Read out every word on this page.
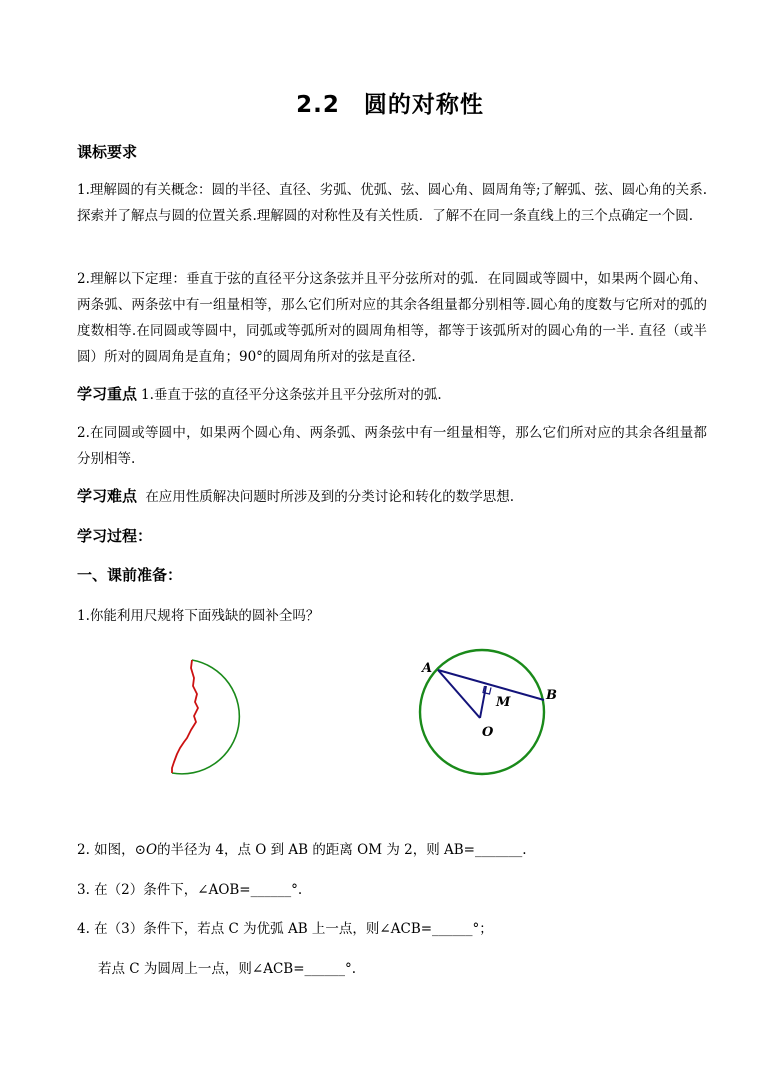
2.2　圆的对称性
课标要求
1.理解圆的有关概念：圆的半径、直径、劣弧、优弧、弦、圆心角、圆周角等;了解弧、弦、圆心角的关系.探索并了解点与圆的位置关系.理解圆的对称性及有关性质．了解不在同一条直线上的三个点确定一个圆.
2.理解以下定理：垂直于弦的直径平分这条弦并且平分弦所对的弧．在同圆或等圆中，如果两个圆心角、两条弧、两条弦中有一组量相等，那么它们所对应的其余各组量都分别相等.圆心角的度数与它所对的弧的度数相等.在同圆或等圆中，同弧或等弧所对的圆周角相等，都等于该弧所对的圆心角的一半. 直径（或半圆）所对的圆周角是直角；90°的圆周角所对的弦是直径.
学习重点 1.垂直于弦的直径平分这条弦并且平分弦所对的弧.
2.在同圆或等圆中，如果两个圆心角、两条弧、两条弦中有一组量相等，那么它们所对应的其余各组量都分别相等.
学习难点 在应用性质解决问题时所涉及到的分类讨论和转化的数学思想.
学习过程：
一、课前准备：
1.你能利用尺规将下面残缺的圆补全吗？
A
B
M
O
2. 如图，⊙O的半径为 4，点 O 到 AB 的距离 OM 为 2，则 AB=_______.
3. 在（2）条件下，∠AOB=______°.
4. 在（3）条件下，若点 C 为优弧 AB 上一点，则∠ACB=______°；
若点 C 为圆周上一点，则∠ACB=______°.
